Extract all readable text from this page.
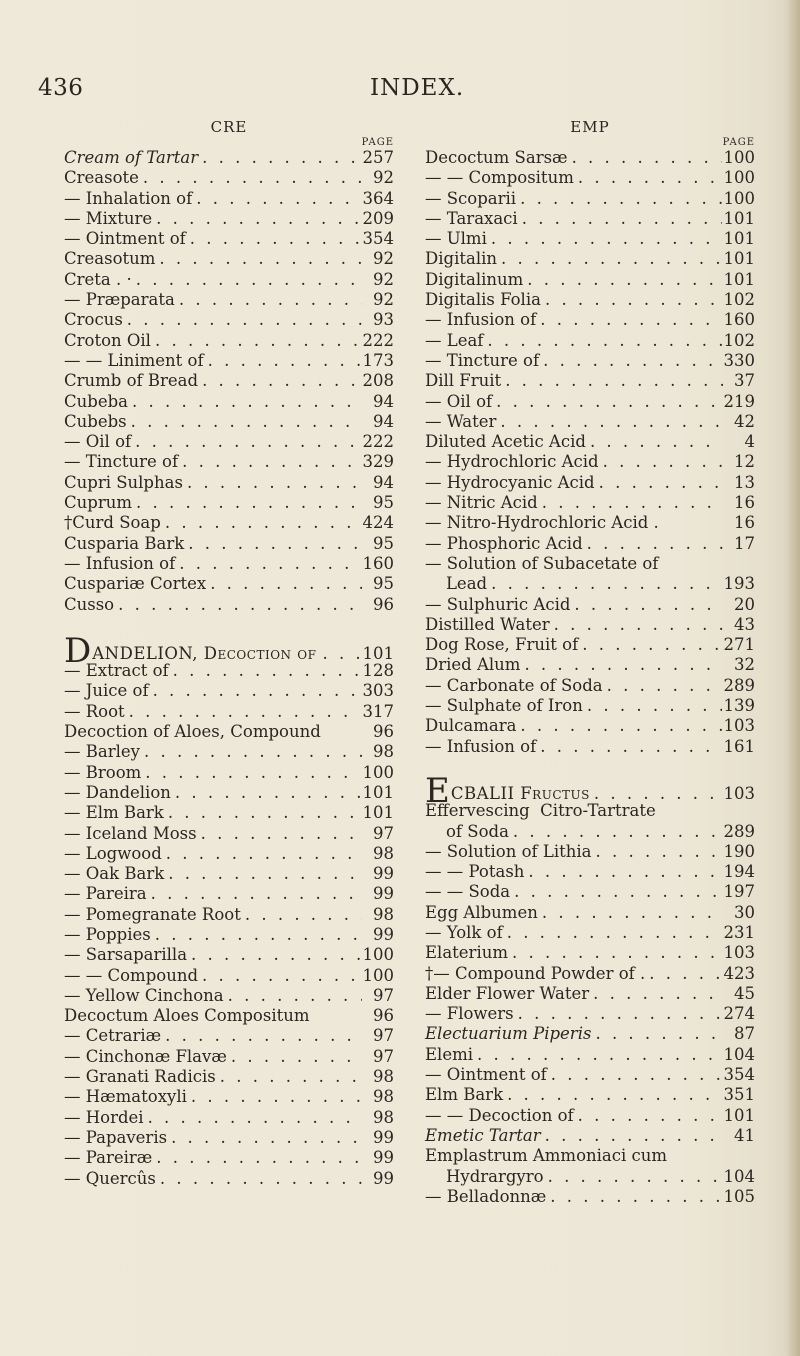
436	INDEX.
CRE
PAGE
Cream of Tartar . . .	257
Creasote . . .	92
— Inhalation of . . .	364
— Mixture . . .	209
— Ointment of . . .	354
Creasotum . . .	92
Creta . · . . .	92
— Præparata . . .	92
Crocus . . .	93
Croton Oil . . .	222
— — Liniment of . . .	173
Crumb of Bread . . .	208
Cubeba . . .	94
Cubebs . . .	94
— Oil of . . .	222
— Tincture of . . .	329
Cupri Sulphas . . .	94
Cuprum . . .	95
†Curd Soap . . .	424
Cusparia Bark . . .	95
— Infusion of . . .	160
Cuspariæ Cortex . . .	95
Cusso . . .	96
DANDELION, Decoction of . . .	101
— Extract of . . .	128
— Juice of . . .	303
— Root . . .	317
Decoction of Aloes, Compound	96
— Barley . . .	98
— Broom . . .	100
— Dandelion . . .	101
— Elm Bark . . .	101
— Iceland Moss . . .	97
— Logwood . . .	98
— Oak Bark . . .	99
— Pareira . . .	99
— Pomegranate Root . . .	98
— Poppies . . .	99
— Sarsaparilla . . .	100
— — Compound . . .	100
— Yellow Cinchona . . .	97
Decoctum Aloes Compositum	96
— Cetrariæ . . .	97
— Cinchonæ Flavæ . . .	97
— Granati Radicis . . .	98
— Hæmatoxyli . . .	98
— Hordei . . .	98
— Papaveris . . .	99
— Pareiræ . . .	99
— Quercûs . . .	99
EMP
PAGE
Decoctum Sarsæ . . .	100
— — Compositum . . .	100
— Scoparii . . .	100
— Taraxaci . . .	101
— Ulmi . . .	101
Digitalin . . .	101
Digitalinum . . .	101
Digitalis Folia . . .	102
— Infusion of . . .	160
— Leaf . . .	102
— Tincture of . . .	330
Dill Fruit . . .	37
— Oil of . . .	219
— Water . . .	42
Diluted Acetic Acid . . .	4
— Hydrochloric Acid . . .	12
— Hydrocyanic Acid . . .	13
— Nitric Acid . . .	16
— Nitro-Hydrochloric Acid .	16
— Phosphoric Acid . . .	17
— Solution of Subacetate of
Lead . . .	193
— Sulphuric Acid . . .	20
Distilled Water . . .	43
Dog Rose, Fruit of . . .	271
Dried Alum . . .	32
— Carbonate of Soda . . .	289
— Sulphate of Iron . . .	139
Dulcamara . . .	103
— Infusion of . . .	161
ECBALII Fructus . . .	103
Effervescing  Citro-Tartrate
of Soda . . .	289
— Solution of Lithia . . .	190
— — Potash . . .	194
— — Soda . . .	197
Egg Albumen . . .	30
— Yolk of . . .	231
Elaterium . . .	103
†— Compound Powder of . . . .	423
Elder Flower Water . . .	45
— Flowers . . .	274
Electuarium Piperis . . .	87
Elemi . . .	104
— Ointment of . . .	354
Elm Bark . . .	351
— — Decoction of . . .	101
Emetic Tartar . . .	41
Emplastrum Ammoniaci cum
Hydrargyro . . .	104
— Belladonnæ . . .	105
